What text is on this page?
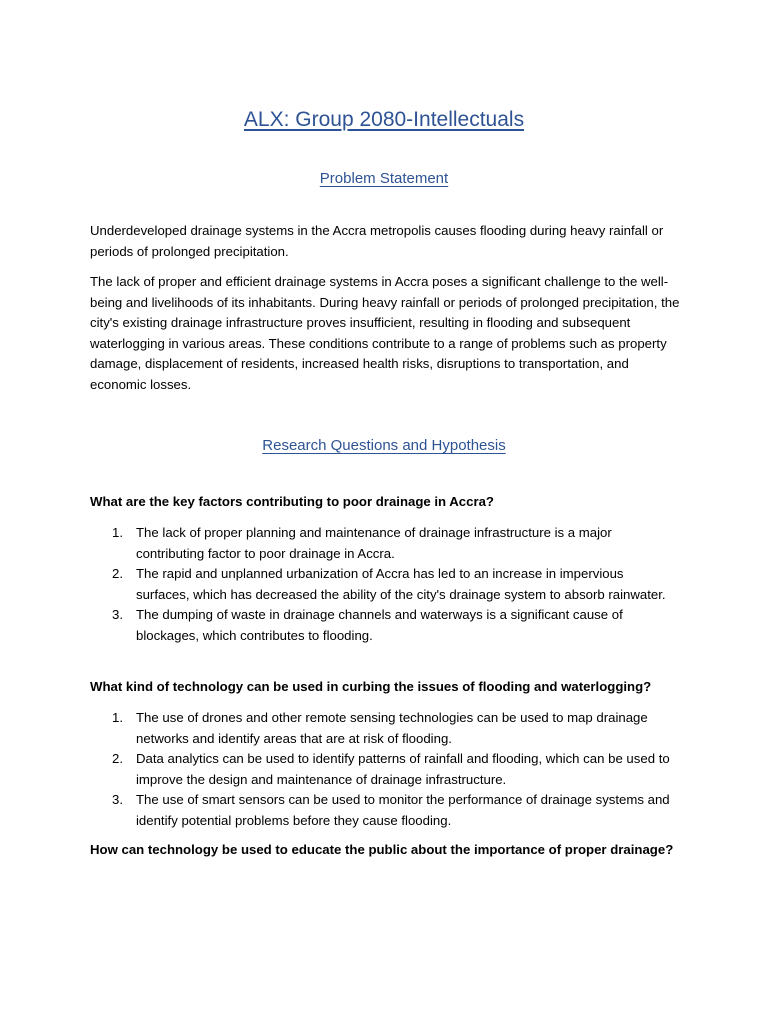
ALX: Group 2080-Intellectuals
Problem Statement

Underdeveloped drainage systems in the Accra metropolis causes flooding during heavy rainfall or periods of prolonged precipitation.

The lack of proper and efficient drainage systems in Accra poses a significant challenge to the well-being and livelihoods of its inhabitants. During heavy rainfall or periods of prolonged precipitation, the city's existing drainage infrastructure proves insufficient, resulting in flooding and subsequent waterlogging in various areas. These conditions contribute to a range of problems such as property damage, displacement of residents, increased health risks, disruptions to transportation, and economic losses.

Research Questions and Hypothesis

What are the key factors contributing to poor drainage in Accra?

1. The lack of proper planning and maintenance of drainage infrastructure is a major contributing factor to poor drainage in Accra.
2. The rapid and unplanned urbanization of Accra has led to an increase in impervious surfaces, which has decreased the ability of the city's drainage system to absorb rainwater.
3. The dumping of waste in drainage channels and waterways is a significant cause of blockages, which contributes to flooding.

What kind of technology can be used in curbing the issues of flooding and waterlogging?

1. The use of drones and other remote sensing technologies can be used to map drainage networks and identify areas that are at risk of flooding.
2. Data analytics can be used to identify patterns of rainfall and flooding, which can be used to improve the design and maintenance of drainage infrastructure.
3. The use of smart sensors can be used to monitor the performance of drainage systems and identify potential problems before they cause flooding.

How can technology be used to educate the public about the importance of proper drainage?
